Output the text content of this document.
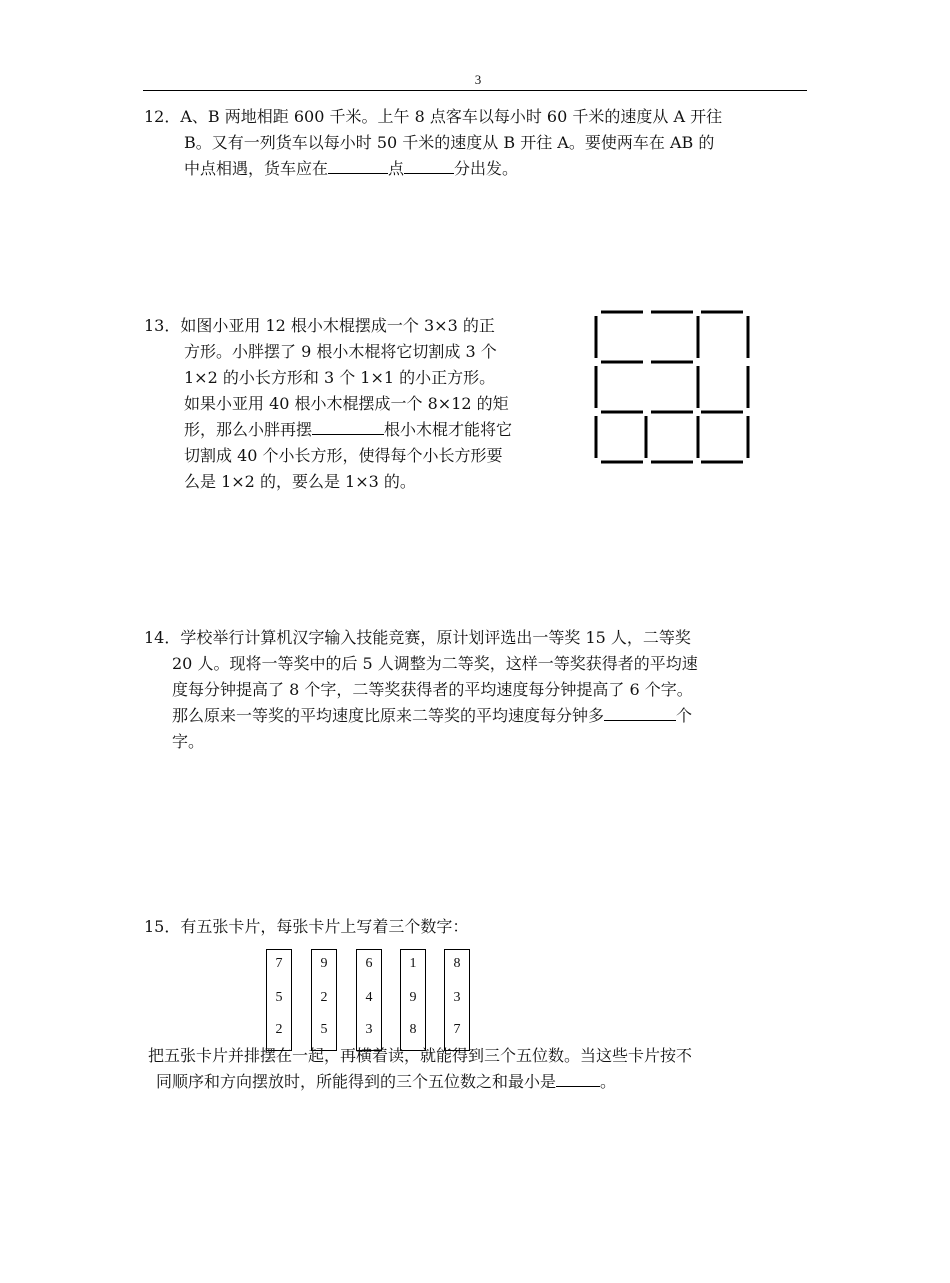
3

12．A、B 两地相距 600 千米。上午 8 点客车以每小时 60 千米的速度从 A 开往

B。又有一列货车以每小时 50 千米的速度从 B 开往 A。要使两车在 AB 的

中点相遇，货车应在	点	分出发。

13．如图小亚用 12 根小木棍摆成一个 3×3 的正

方形。小胖摆了 9 根小木棍将它切割成 3 个

1×2 的小长方形和 3 个 1×1 的小正方形。

如果小亚用 40 根小木棍摆成一个 8×12 的矩

形，那么小胖再摆	根小木棍才能将它

切割成 40 个小长方形，使得每个小长方形要

么是 1×2 的，要么是 1×3 的。

14．学校举行计算机汉字输入技能竞赛，原计划评选出一等奖 15 人，二等奖

20 人。现将一等奖中的后 5 人调整为二等奖，这样一等奖获得者的平均速

度每分钟提高了 8 个字，二等奖获得者的平均速度每分钟提高了 6 个字。

那么原来一等奖的平均速度比原来二等奖的平均速度每分钟多	个

字。

15．有五张卡片，每张卡片上写着三个数字：

7
5
2
9
2
5
6
4
3
1
9
8
8
3
7

把五张卡片并排摆在一起，再横着读，就能得到三个五位数。当这些卡片按不

同顺序和方向摆放时，所能得到的三个五位数之和最小是	。
